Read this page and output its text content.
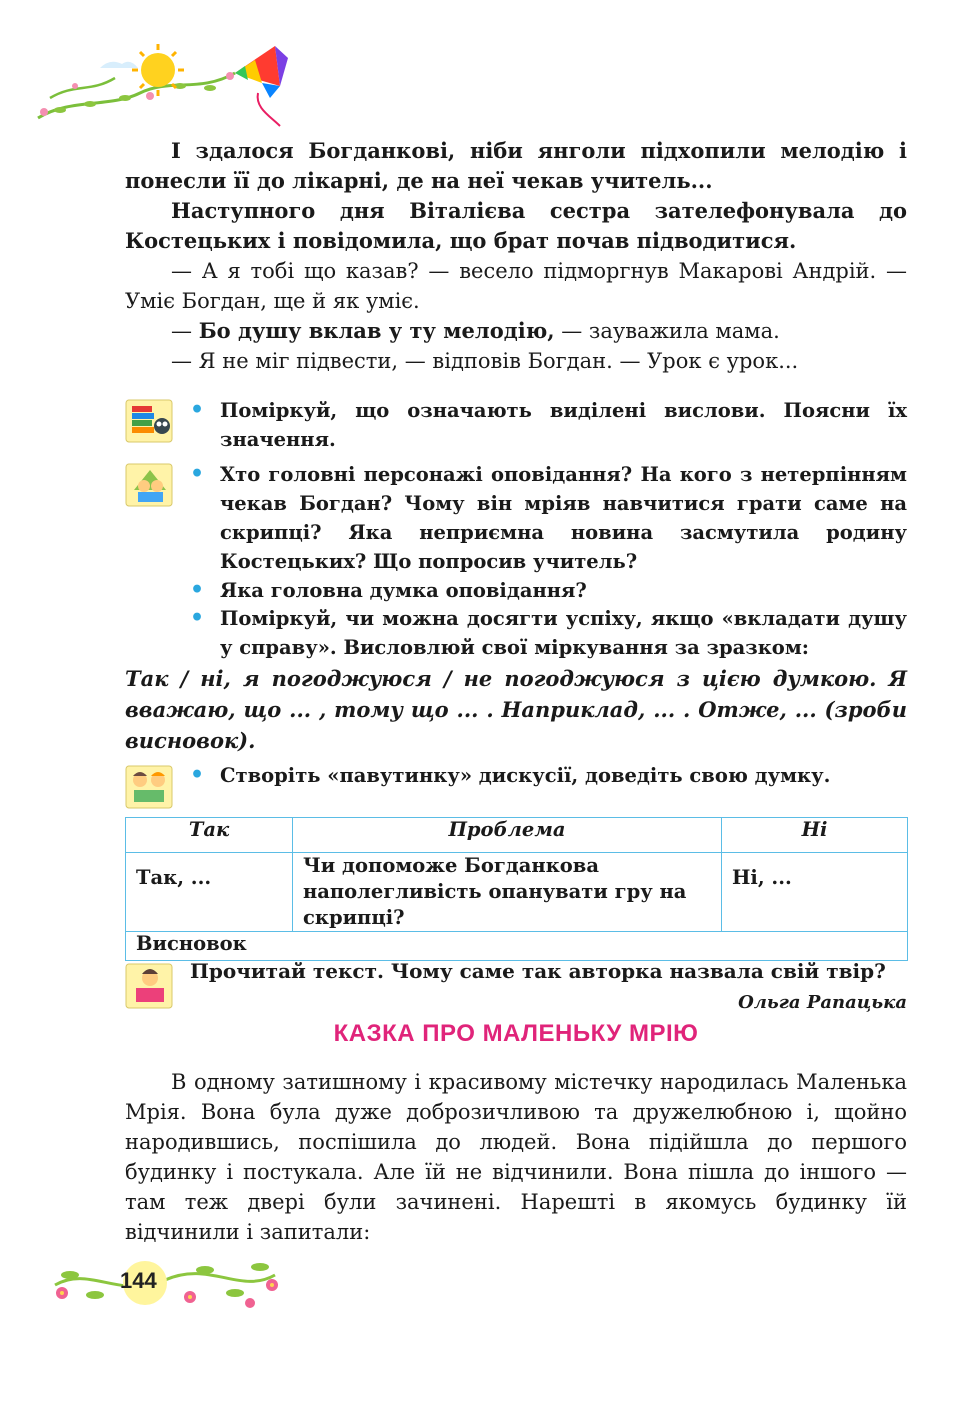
І здалося Богданкові, ніби янголи підхопили мелодію і понесли її до лікарні, де на неї чекав учитель...
Наступного дня Віталієва сестра зателефонувала до Костецьких і повідомила, що брат почав підводитися.
— А я тобі що казав? — весело підморгнув Макарові Андрій. — Уміє Богдан, ще й як уміє.
— Бо душу вклав у ту мелодію, — зауважила мама.
— Я не міг підвести, — відповів Богдан. — Урок є урок...
• Поміркуй, що означають виділені вислови. Поясни їх значення.
• Хто головні персонажі оповідання? На кого з нетерпінням чекав Богдан? Чому він мріяв навчитися грати саме на скрипці? Яка неприємна новина засмутила родину Костецьких? Що попросив учитель?
• Яка головна думка оповідання?
• Поміркуй, чи можна досягти успіху, якщо «вкладати душу у справу». Висловлюй свої міркування за зразком:
Так / ні, я погоджуюся / не погоджуюся з цією думкою. Я вважаю, що ... , тому що ... . Наприклад, ... . Отже, ... (зроби висновок).
• Створіть «павутинку» дискусії, доведіть свою думку.
Так	Проблема	Ні
Так, ...	Чи допоможе Богданкова наполегливість опанувати гру на скрипці?	Ні, ...
Висновок		
Прочитай текст. Чому саме так авторка назвала свій твір?
Ольга Рапацька
КАЗКА ПРО МАЛЕНЬКУ МРІЮ
В одному затишному і красивому містечку народилась Маленька Мрія. Вона була дуже доброзичливою та дружелюбною і, щойно народившись, поспішила до людей. Вона підійшла до першого будинку і постукала. Але їй не відчинили. Вона пішла до іншого — там теж двері були зачинені. Нарешті в якомусь будинку їй відчинили і запитали:
144
